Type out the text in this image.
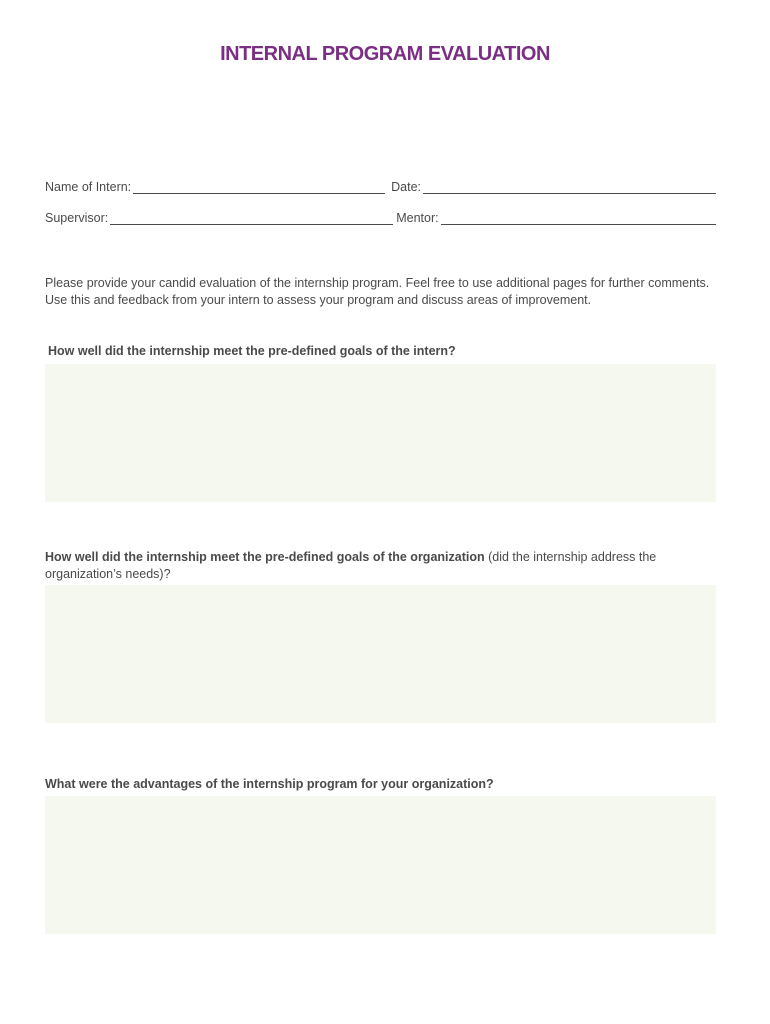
INTERNAL PROGRAM EVALUATION
Name of Intern:	Date:
Supervisor:	Mentor:
Please provide your candid evaluation of the internship program. Feel free to use additional pages for further comments. Use this and feedback from your intern to assess your program and discuss areas of improvement.
How well did the internship meet the pre-defined goals of the intern?
How well did the internship meet the pre-defined goals of the organization (did the internship address the organization’s needs)?
What were the advantages of the internship program for your organization?
